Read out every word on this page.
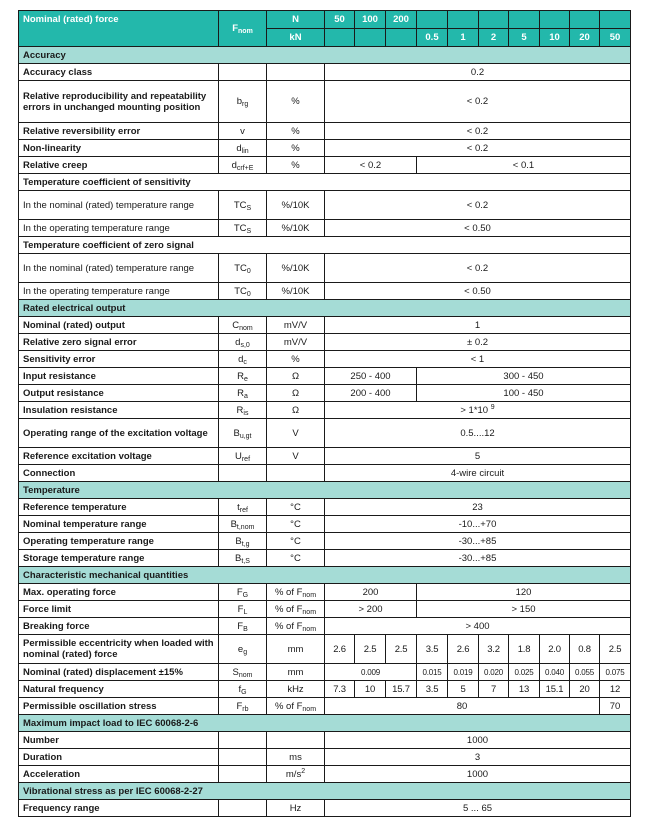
Nominal (rated) force	$F_{nom}$	N	50	100	200							
		kN				0.5	1	2	5	10	20	50
Accuracy												
Accuracy class			0.2									
Relative reproducibility and repeatability errors in unchanged mounting position	$b_{rg}$	%	< 0.2									
Relative reversibility error	v	%	< 0.2									
Non-linearity	$d_{lin}$	%	< 0.2									
Relative creep	$d_{crf+E}$	%	< 0.2			< 0.1						
Temperature coefficient of sensitivity												
In the nominal (rated) temperature range	$TC_S$	%/10K	< 0.2									
In the operating temperature range	$TC_S$	%/10K	< 0.50									
Temperature coefficient of zero signal												
In the nominal (rated) temperature range	$TC_0$	%/10K	< 0.2									
In the operating temperature range	$TC_0$	%/10K	< 0.50									
Rated electrical output												
Nominal (rated) output	$C_{nom}$	mV/V	1									
Relative zero signal error	$d_{s,0}$	mV/V	± 0.2									
Sensitivity error	$d_c$	%	< 1									
Input resistance	$R_e$	Ω	250 - 400			300 - 450						
Output resistance	$R_a$	Ω	200 - 400			100 - 450						
Insulation resistance	$R_{is}$	Ω	> 1*10 $^9$
Operating range of the excitation voltage	$B_{u,gt}$	V	0.5....12									
Reference excitation voltage	$U_{ref}$	V	5									
Connection			4-wire circuit									
Temperature												
Reference temperature	$t_{ref}$	°C	23									
Nominal temperature range	$B_{t,nom}$	°C	-10...+70									
Operating temperature range	$B_{t,g}$	°C	-30...+85									
Storage temperature range	$B_{t,S}$	°C	-30...+85									
Characteristic mechanical quantities												
Max. operating force	$F_G$	% of $F_{nom}$	200			120						
Force limit	$F_L$	% of $F_{nom}$	> 200			> 150						
Breaking force	$F_B$	% of $F_{nom}$	> 400									
Permissible eccentricity when loaded with nominal (rated) force	$e_g$	mm	2.6	2.5	2.5	3.5	2.6	3.2	1.8	2.0	0.8	2.5
Nominal (rated) displacement ±15%	$S_{nom}$	mm	0.009			0.015	0.019	0.020	0.025	0.040	0.055	0.075
Natural frequency	$f_G$	kHz	7.3	10	15.7	3.5	5	7	13	15.1	20	12
Permissible oscillation stress	$F_{rb}$	% of $F_{nom}$	80									70
Maximum impact load to IEC 60068-2-6												
Number			1000									
Duration		ms	3									
Acceleration		$m/s^2$	1000									
Vibrational stress as per IEC 60068-2-27												
Frequency range		Hz	5 ... 65									
